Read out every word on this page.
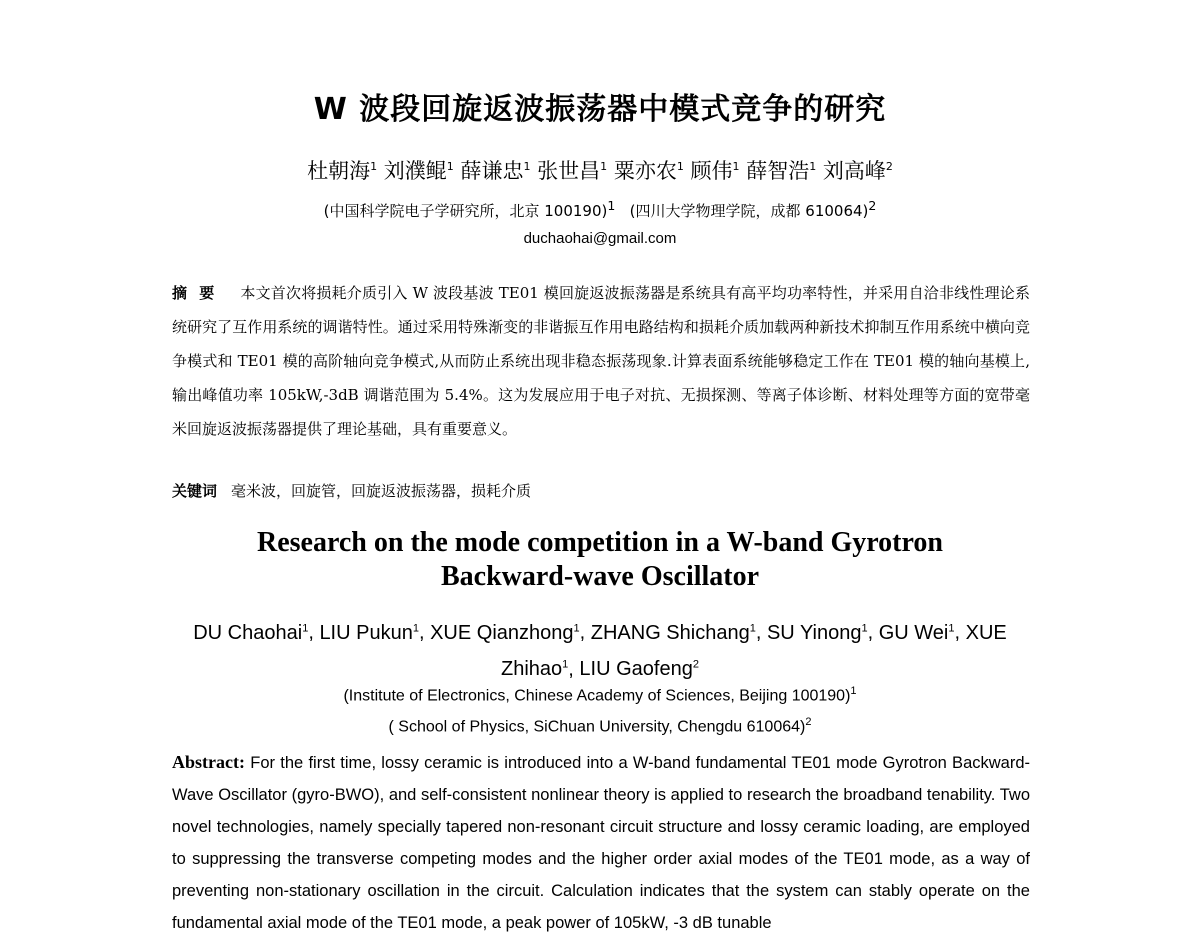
W 波段回旋返波振荡器中模式竞争的研究
杜朝海$^1$ 刘濮鲲$^1$ 薛谦忠$^1$ 张世昌$^1$ 粟亦农$^1$ 顾伟$^1$ 薛智浩$^1$ 刘高峰$^2$
(中国科学院电子学研究所，北京 100190)$^1$ (四川大学物理学院，成都 610064)$^2$
duchaohai@gmail.com
摘要 本文首次将损耗介质引入 W 波段基波 TE01 模回旋返波振荡器是系统具有高平均功率特性，并采用自洽非线性理论系统研究了互作用系统的调谐特性。通过采用特殊渐变的非谐振互作用电路结构和损耗介质加载两种新技术抑制互作用系统中横向竞争模式和 TE01 模的高阶轴向竞争模式,从而防止系统出现非稳态振荡现象.计算表面系统能够稳定工作在 TE01 模的轴向基模上,输出峰值功率 105kW,-3dB 调谐范围为 5.4%。这为发展应用于电子对抗、无损探测、等离子体诊断、材料处理等方面的宽带毫米回旋返波振荡器提供了理论基础，具有重要意义。
关键词 毫米波，回旋管，回旋返波振荡器，损耗介质
Research on the mode competition in a W-band Gyrotron
Backward-wave Oscillator
DU Chaohai$^1$, LIU Pukun$^1$, XUE Qianzhong$^1$, ZHANG Shichang$^1$, SU Yinong$^1$, GU Wei$^1$, XUE Zhihao$^1$, LIU Gaofeng$^2$
(Institute of Electronics, Chinese Academy of Sciences, Beijing 100190)$^1$
( School of Physics, SiChuan University, Chengdu 610064)$^2$
Abstract: For the first time, lossy ceramic is introduced into a W-band fundamental TE01 mode Gyrotron Backward-Wave Oscillator (gyro-BWO), and self-consistent nonlinear theory is applied to research the broadband tenability. Two novel technologies, namely specially tapered non-resonant circuit structure and lossy ceramic loading, are employed to suppressing the transverse competing modes and the higher order axial modes of the TE01 mode, as a way of preventing non-stationary oscillation in the circuit. Calculation indicates that the system can stably operate on the fundamental axial mode of the TE01 mode, a peak power of 105kW, -3 dB tunable
